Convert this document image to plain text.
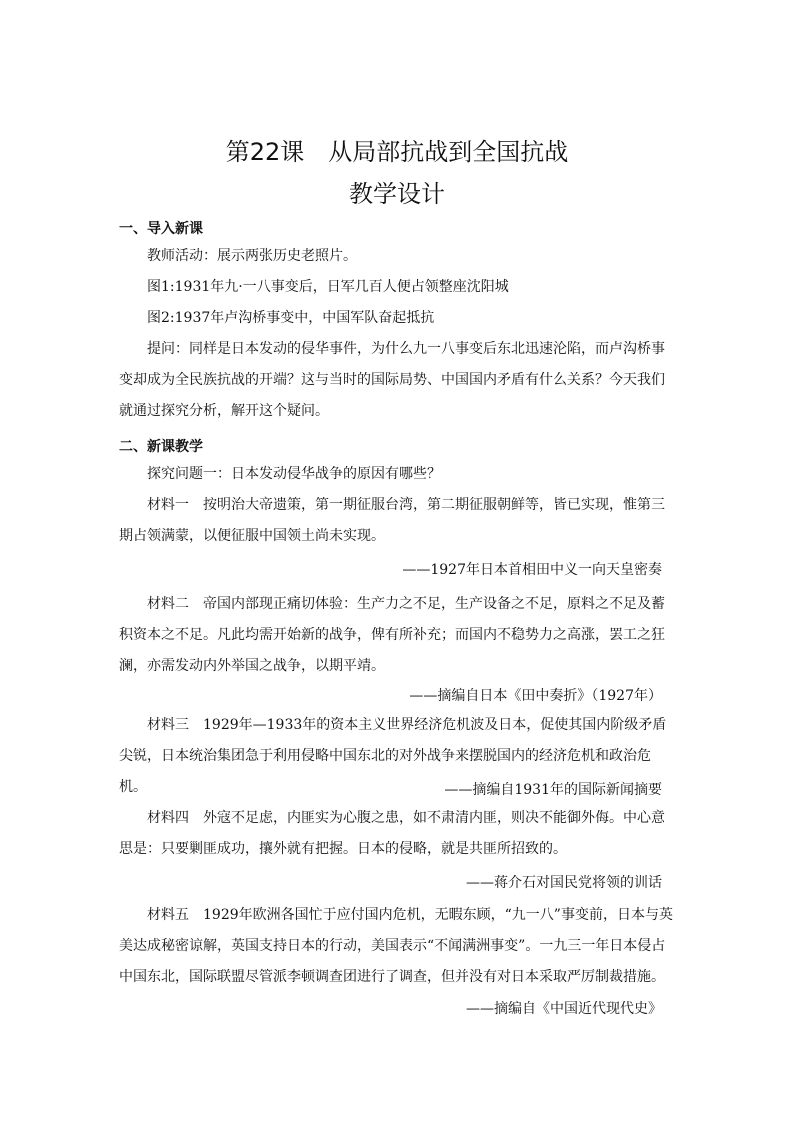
第22课　从局部抗战到全国抗战
教学设计
一、导入新课
教师活动：展示两张历史老照片。
图1:1931年九·一八事变后，日军几百人便占领整座沈阳城
图2:1937年卢沟桥事变中，中国军队奋起抵抗
提问：同样是日本发动的侵华事件，为什么九一八事变后东北迅速沦陷，而卢沟桥事变却成为全民族抗战的开端？这与当时的国际局势、中国国内矛盾有什么关系？今天我们就通过探究分析，解开这个疑问。
二、新课教学
探究问题一：日本发动侵华战争的原因有哪些？
材料一　 按明治大帝遗策，第一期征服台湾，第二期征服朝鲜等，皆已实现，惟第三期占领满蒙，以便征服中国领土尚未实现。
——1927年日本首相田中义一向天皇密奏
材料二　 帝国内部现正痛切体验：生产力之不足，生产设备之不足，原料之不足及蓄积资本之不足。凡此均需开始新的战争，俾有所补充；而国内不稳势力之高涨，罢工之狂澜，亦需发动内外举国之战争，以期平靖。
——摘编自日本《田中奏折》（1927年）
材料三　 1929年—1933年的资本主义世界经济危机波及日本，促使其国内阶级矛盾尖锐，日本统治集团急于利用侵略中国东北的对外战争来摆脱国内的经济危机和政治危机。	——摘编自1931年的国际新闻摘要
材料四　 外寇不足虑，内匪实为心腹之患，如不肃清内匪，则决不能御外侮。中心意思是：只要剿匪成功，攘外就有把握。日本的侵略，就是共匪所招致的。
——蒋介石对国民党将领的训话
材料五　 1929年欧洲各国忙于应付国内危机，无暇东顾，“九一八”事变前，日本与英美达成秘密谅解，英国支持日本的行动，美国表示“不闻满洲事变”。一九三一年日本侵占中国东北，国际联盟尽管派李顿调查团进行了调查，但并没有对日本采取严厉制裁措施。
——摘编自《中国近代现代史》
